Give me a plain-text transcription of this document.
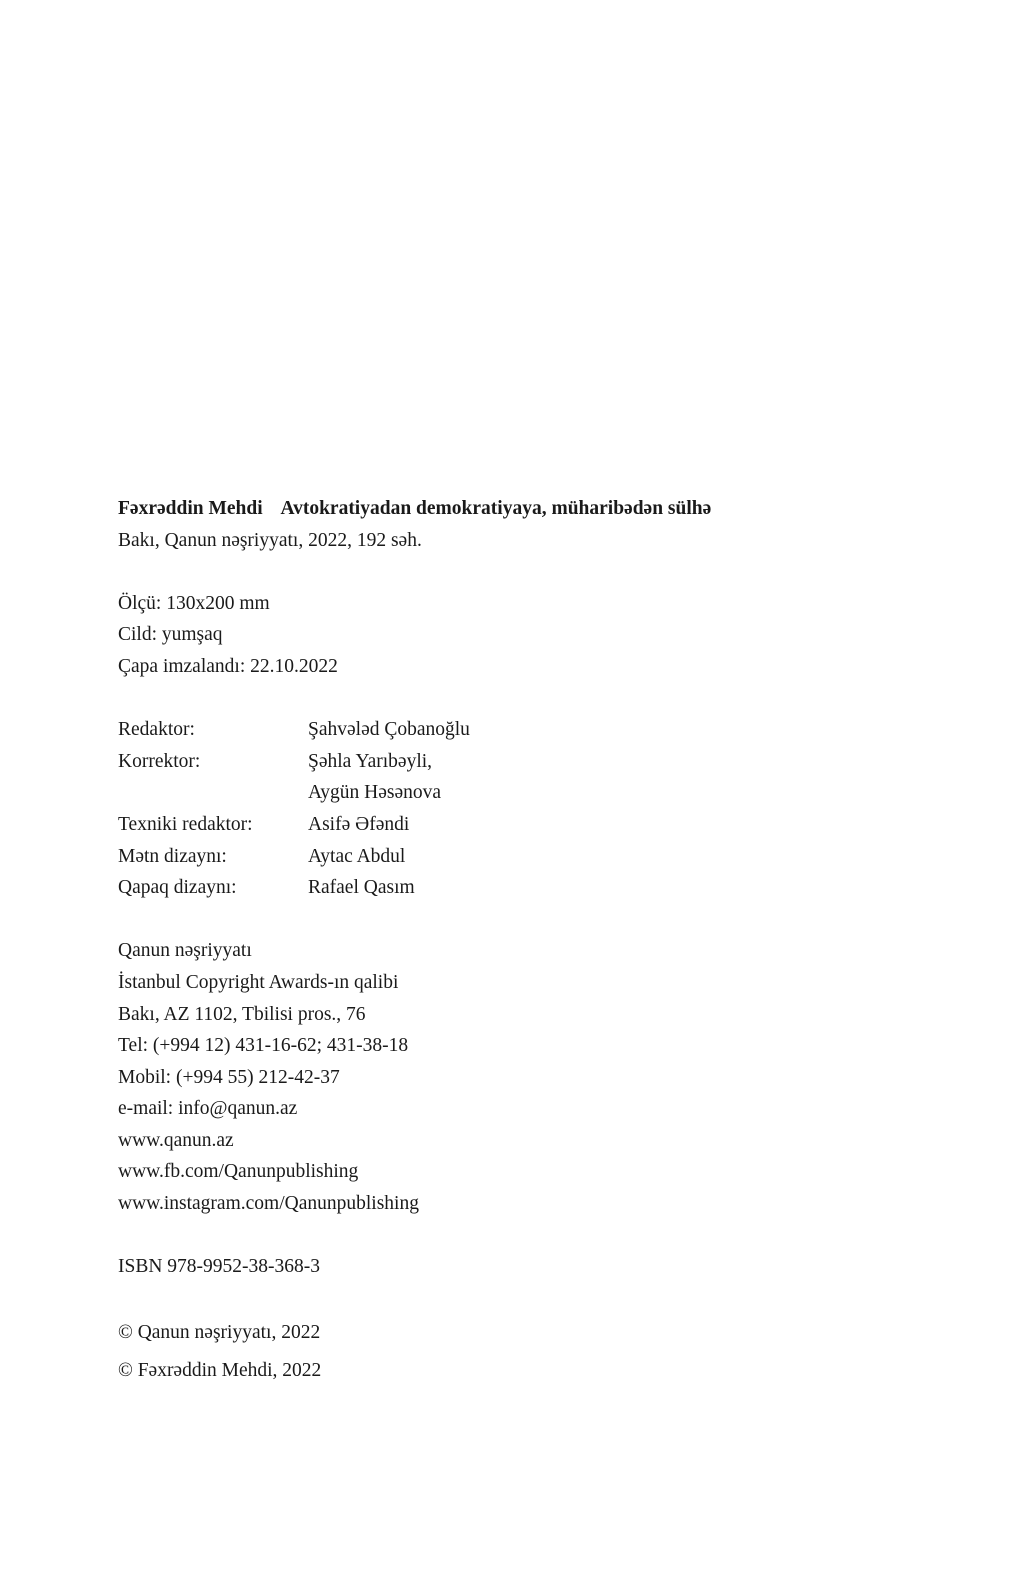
Fəxrəddin Mehdi Avtokratiyadan demokratiyaya, müharibədən sülhə
Bakı, Qanun nəşriyyatı, 2022, 192 səh.
Ölçü: 130x200 mm
Cild: yumşaq
Çapa imzalandı: 22.10.2022
Redaktor:	Şahvələd Çobanoğlu
Korrektor:	Şəhla Yarıbəyli,
Aygün Həsənova
Texniki redaktor:	Asifə Əfəndi
Mətn dizaynı:	Aytac Abdul
Qapaq dizaynı:	Rafael Qasım
Qanun nəşriyyatı
İstanbul Copyright Awards-ın qalibi
Bakı, AZ 1102, Tbilisi pros., 76
Tel: (+994 12) 431-16-62; 431-38-18
Mobil: (+994 55) 212-42-37
e-mail: info@qanun.az
www.qanun.az
www.fb.com/Qanunpublishing
www.instagram.com/Qanunpublishing
ISBN 978-9952-38-368-3
© Qanun nəşriyyatı, 2022
© Fəxrəddin Mehdi, 2022
